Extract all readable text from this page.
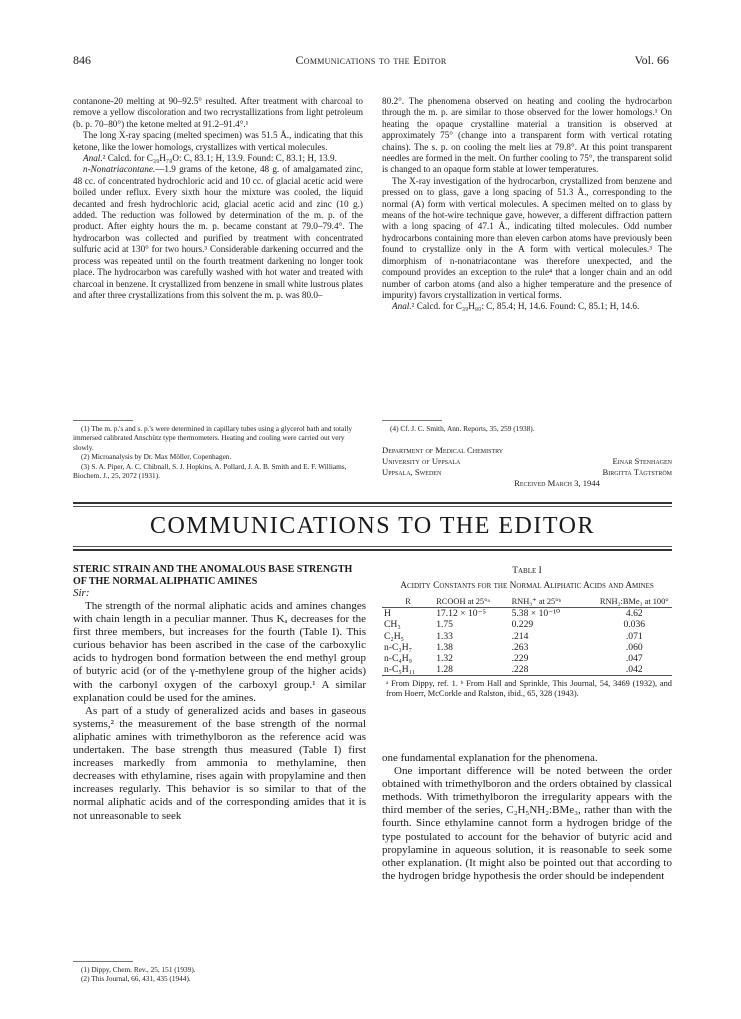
846	Communications to the Editor	Vol. 66

contanone-20 melting at 90–92.5° resulted. After treatment with charcoal to remove a yellow discoloration and two recrystallizations from light petroleum (b. p. 70–80°) the ketone melted at 91.2–91.4°.¹

The long X-ray spacing (melted specimen) was 51.5 Å., indicating that this ketone, like the lower homologs, crystallizes with vertical molecules.

Anal.² Calcd. for C₃₉H₇₈O: C, 83.1; H, 13.9. Found: C, 83.1; H, 13.9.

n-Nonatriacontane.—1.9 grams of the ketone, 48 g. of amalgamated zinc, 48 cc. of concentrated hydrochloric acid and 10 cc. of glacial acetic acid were boiled under reflux. Every sixth hour the mixture was cooled, the liquid decanted and fresh hydrochloric acid, glacial acetic acid and zinc (10 g.) added. The reduction was followed by determination of the m. p. of the product. After eighty hours the m. p. became constant at 79.0–79.4°. The hydrocarbon was collected and purified by treatment with concentrated sulfuric acid at 130° for two hours.³ Considerable darkening occurred and the process was repeated until on the fourth treatment darkening no longer took place. The hydrocarbon was carefully washed with hot water and treated with charcoal in benzene. It crystallized from benzene in small white lustrous plates and after three crystallizations from this solvent the m. p. was 80.0–

(1) The m. p.'s and s. p.'s were determined in capillary tubes using a glycerol bath and totally immersed calibrated Anschütz type thermometers. Heating and cooling were carried out very slowly.

(2) Microanalysis by Dr. Max Möller, Copenhagen.

(3) S. A. Piper, A. C. Chibnall, S. J. Hopkins, A. Pollard, J. A. B. Smith and E. F. Williams, Biochem. J., 25, 2072 (1931).

80.2°. The phenomena observed on heating and cooling the hydrocarbon through the m. p. are similar to those observed for the lower homologs.¹ On heating the opaque crystalline material a transition is observed at approximately 75° (change into a transparent form with vertical rotating chains). The s. p. on cooling the melt lies at 79.8°. At this point transparent needles are formed in the melt. On further cooling to 75°, the transparent solid is changed to an opaque form stable at lower temperatures.

The X-ray investigation of the hydrocarbon, crystallized from benzene and pressed on to glass, gave a long spacing of 51.3 Å., corresponding to the normal (A) form with vertical molecules. A specimen melted on to glass by means of the hot-wire technique gave, however, a different diffraction pattern with a long spacing of 47.1 Å., indicating tilted molecules. Odd number hydrocarbons containing more than eleven carbon atoms have previously been found to crystallize only in the A form with vertical molecules.³ The dimorphism of n-nonatriacontane was therefore unexpected, and the compound provides an exception to the rule⁴ that a longer chain and an odd number of carbon atoms (and also a higher temperature and the presence of impurity) favors crystallization in vertical forms.

Anal.² Calcd. for C₃₉H₈₀: C, 85.4; H, 14.6. Found: C, 85.1; H, 14.6.

(4) Cf. J. C. Smith, Ann. Reports, 35, 259 (1938).

Department of Medical Chemistry
University of Uppsala	Einar Stenhagen
Uppsala, Sweden	Birgitta Tägtström
Received March 3, 1944
COMMUNICATIONS TO THE EDITOR
STERIC STRAIN AND THE ANOMALOUS BASE STRENGTH OF THE NORMAL ALIPHATIC AMINES
Sir:

The strength of the normal aliphatic acids and amines changes with chain length in a peculiar manner. Thus Kₐ decreases for the first three members, but increases for the fourth (Table I). This curious behavior has been ascribed in the case of the carboxylic acids to hydrogen bond formation between the end methyl group of butyric acid (or of the γ-methylene group of the higher acids) with the carbonyl oxygen of the carboxyl group.¹ A similar explanation could be used for the amines.

As part of a study of generalized acids and bases in gaseous systems,² the measurement of the base strength of the normal aliphatic amines with trimethylboron as the reference acid was undertaken. The base strength thus measured (Table I) first increases markedly from ammonia to methylamine, then decreases with ethylamine, rises again with propylamine and then increases regularly. This behavior is so similar to that of the normal aliphatic acids and of the corresponding amides that it is not unreasonable to seek

(1) Dippy, Chem. Rev., 25, 151 (1939).

(2) This Journal, 66, 431, 435 (1944).

Table I
Acidity Constants for the Normal Aliphatic Acids and Amines
R	RCOOH at 25°ᵃ	RNH₃⁺ at 25°ᵇ	RNH₂:BMe₃ at 100°
H	17.12 × 10⁻⁵	5.38 × 10⁻¹⁰	4.62
CH₃	1.75	0.229	0.036
C₂H₅	1.33	.214	.071
n-C₃H₇	1.38	.263	.060
n-C₄H₉	1.32	.229	.047
n-C₅H₁₁	1.28	.228	.042
ᵃ From Dippy, ref. 1. ᵇ From Hall and Sprinkle, This Journal, 54, 3469 (1932), and from Hoerr, McCorkle and Ralston, ibid., 65, 328 (1943).

one fundamental explanation for the phenomena.

One important difference will be noted between the order obtained with trimethylboron and the orders obtained by classical methods. With trimethylboron the irregularity appears with the third member of the series, C₂H₅NH₂:BMe₃, rather than with the fourth. Since ethylamine cannot form a hydrogen bridge of the type postulated to account for the behavior of butyric acid and propylamine in aqueous solution, it is reasonable to seek some other explanation. (It might also be pointed out that according to the hydrogen bridge hypothesis the order should be independent
